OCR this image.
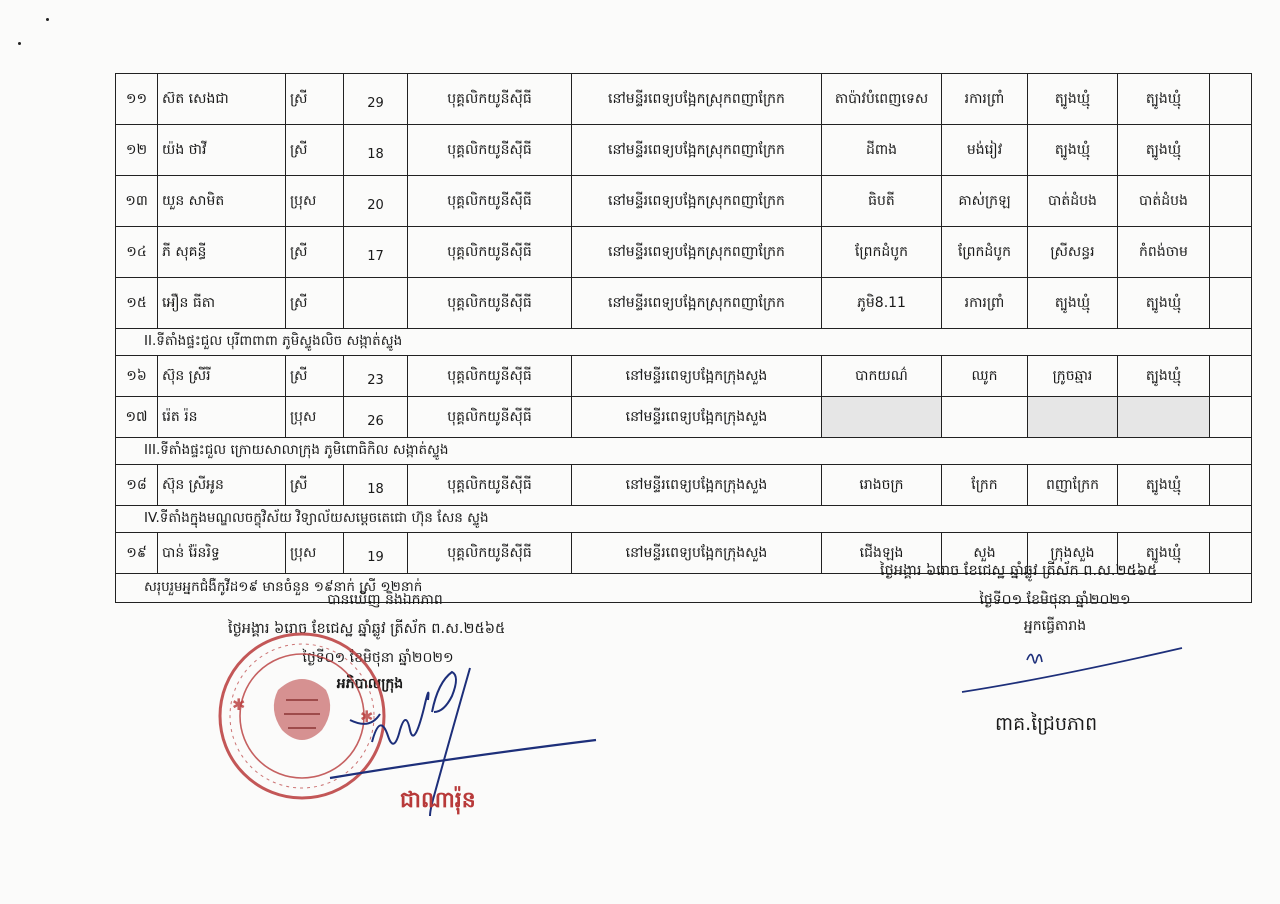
១១	ស៊ត សេងជា	ស្រី	29	បុគ្គលិកយូនីស៊ីធី	នៅមន្ទីរពេទ្យបង្អែកស្រុកពញាក្រែក	តាប៉ាវបំពេញទេស	រការព្រាំ	ត្បូងឃ្មុំ	ត្បូងឃ្មុំ	
១២	យ៉ង ថាវី	ស្រី	18	បុគ្គលិកយូនីស៊ីធី	នៅមន្ទីរពេទ្យបង្អែកស្រុកពញាក្រែក	ដីពាង	មង់រៀវ	ត្បូងឃ្មុំ	ត្បូងឃ្មុំ	
១៣	យួន សាមិត	ប្រុស	20	បុគ្គលិកយូនីស៊ីធី	នៅមន្ទីរពេទ្យបង្អែកស្រុកពញាក្រែក	ធិបតី	គាស់ក្រឡ	បាត់ដំបង	បាត់ដំបង	
១៤	ភី សុគន្ធី	ស្រី	17	បុគ្គលិកយូនីស៊ីធី	នៅមន្ទីរពេទ្យបង្អែកស្រុកពញាក្រែក	ព្រែកដំបូក	ព្រែកដំបូក	ស្រីសន្ធរ	កំពង់ចាម	
១៥	អឿន ធីតា	ស្រី		បុគ្គលិកយូនីស៊ីធី	នៅមន្ទីរពេទ្យបង្អែកស្រុកពញាក្រែក	ភូមិ8.11	រការព្រាំ	ត្បូងឃ្មុំ	ត្បូងឃ្មុំ	
II.ទីតាំងផ្ទះជួល បុរីពាពាពា ភូមិស្ទូងលិច សង្កាត់ស្ទូង										
១៦	ស៊ុន ស្រីរី	ស្រី	23	បុគ្គលិកយូនីស៊ីធី	នៅមន្ទីរពេទ្យបង្អែកក្រុងសួង	បាកយណ៌	ឈូក	ក្រូចឆ្មារ	ត្បូងឃ្មុំ	
១៧	រ៉េត រ៉ន	ប្រុស	26	បុគ្គលិកយូនីស៊ីធី	នៅមន្ទីរពេទ្យបង្អែកក្រុងសួង					
III.ទីតាំងផ្ទះជួល ក្រោយសាលាក្រុង ភូមិពោធិកិល សង្កាត់ស្ទូង										
១៨	ស៊ុន ស្រីអូន	ស្រី	18	បុគ្គលិកយូនីស៊ីធី	នៅមន្ទីរពេទ្យបង្អែកក្រុងសួង	រោងចក្រ	ក្រែក	ពញាក្រែក	ត្បូងឃ្មុំ	
IV.ទីតាំងក្នុងមណ្ឌលចក្ខុវិស័យ វិទ្យាល័យសម្តេចតេជោ ហ៊ុន សែន ស្ទូង										
១៩	បាន់ រ៉ែនរិទ្ធ	ប្រុស	19	បុគ្គលិកយូនីស៊ីធី	នៅមន្ទីរពេទ្យបង្អែកក្រុងសួង	ជើងឡង	សួង	ក្រុងសួង	ត្បូងឃ្មុំ	
សរុបរួមអ្នកជំងឺកូវីដ១៩ មានចំនួន ១៩នាក់ ស្រី ១២នាក់										
ថ្ងៃអង្គារ ៦រោច ខែជេស្ឋ ឆ្នាំឆ្លូវ ត្រីស័ក ព.ស.២៥៦៥
ថ្ងៃទី០១ ខែមិថុនា ឆ្នាំ២០២១
អ្នកធ្វើតារាង
ពាគ.ជ្រៃបភាព
បានឃើញ និងឯកភាព
ថ្ងៃអង្គារ ៦រោច ខែជេស្ឋ ឆ្នាំឆ្លូវ ត្រីស័ក ព.ស.២៥៦៥
ថ្ងៃទី០១ ខែមិថុនា ឆ្នាំ២០២១
អភិបាលក្រុង
✱
✱
ជាណារ៉ុន
